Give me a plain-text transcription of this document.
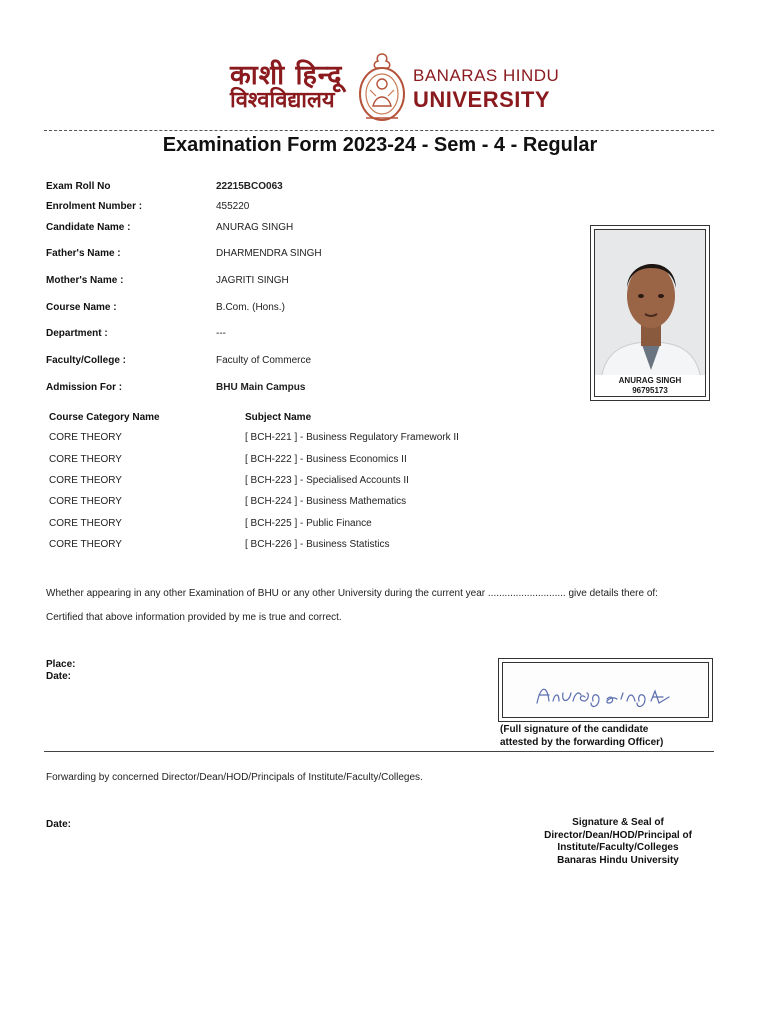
काशी हिन्दू
विश्वविद्यालय
BANARAS HINDU
UNIVERSITY
Examination Form 2023-24 - Sem - 4 - Regular
Exam Roll No	22215BCO063
Enrolment Number :	455220
Candidate Name :	ANURAG SINGH
Father's Name :	DHARMENDRA SINGH
Mother's Name :	JAGRITI SINGH
Course Name :	B.Com. (Hons.)
Department :	---
Faculty/College :	Faculty of Commerce
Admission For :	BHU Main Campus
ANURAG SINGH
96795173
Course Category Name	Subject Name
CORE THEORY	[ BCH-221 ] - Business Regulatory Framework II
CORE THEORY	[ BCH-222 ] - Business Economics II
CORE THEORY	[ BCH-223 ] - Specialised Accounts II
CORE THEORY	[ BCH-224 ] - Business Mathematics
CORE THEORY	[ BCH-225 ] - Public Finance
CORE THEORY	[ BCH-226 ] - Business Statistics
Whether appearing in any other Examination of BHU or any other University during the current year ............................ give details there of:
Certified that above information provided by me is true and correct.
Place:
Date:
(Full signature of the candidate
attested by the forwarding Officer)
Forwarding by concerned Director/Dean/HOD/Principals of Institute/Faculty/Colleges.
Date:	Signature & Seal of
Director/Dean/HOD/Principal of
Institute/Faculty/Colleges
Banaras Hindu University
